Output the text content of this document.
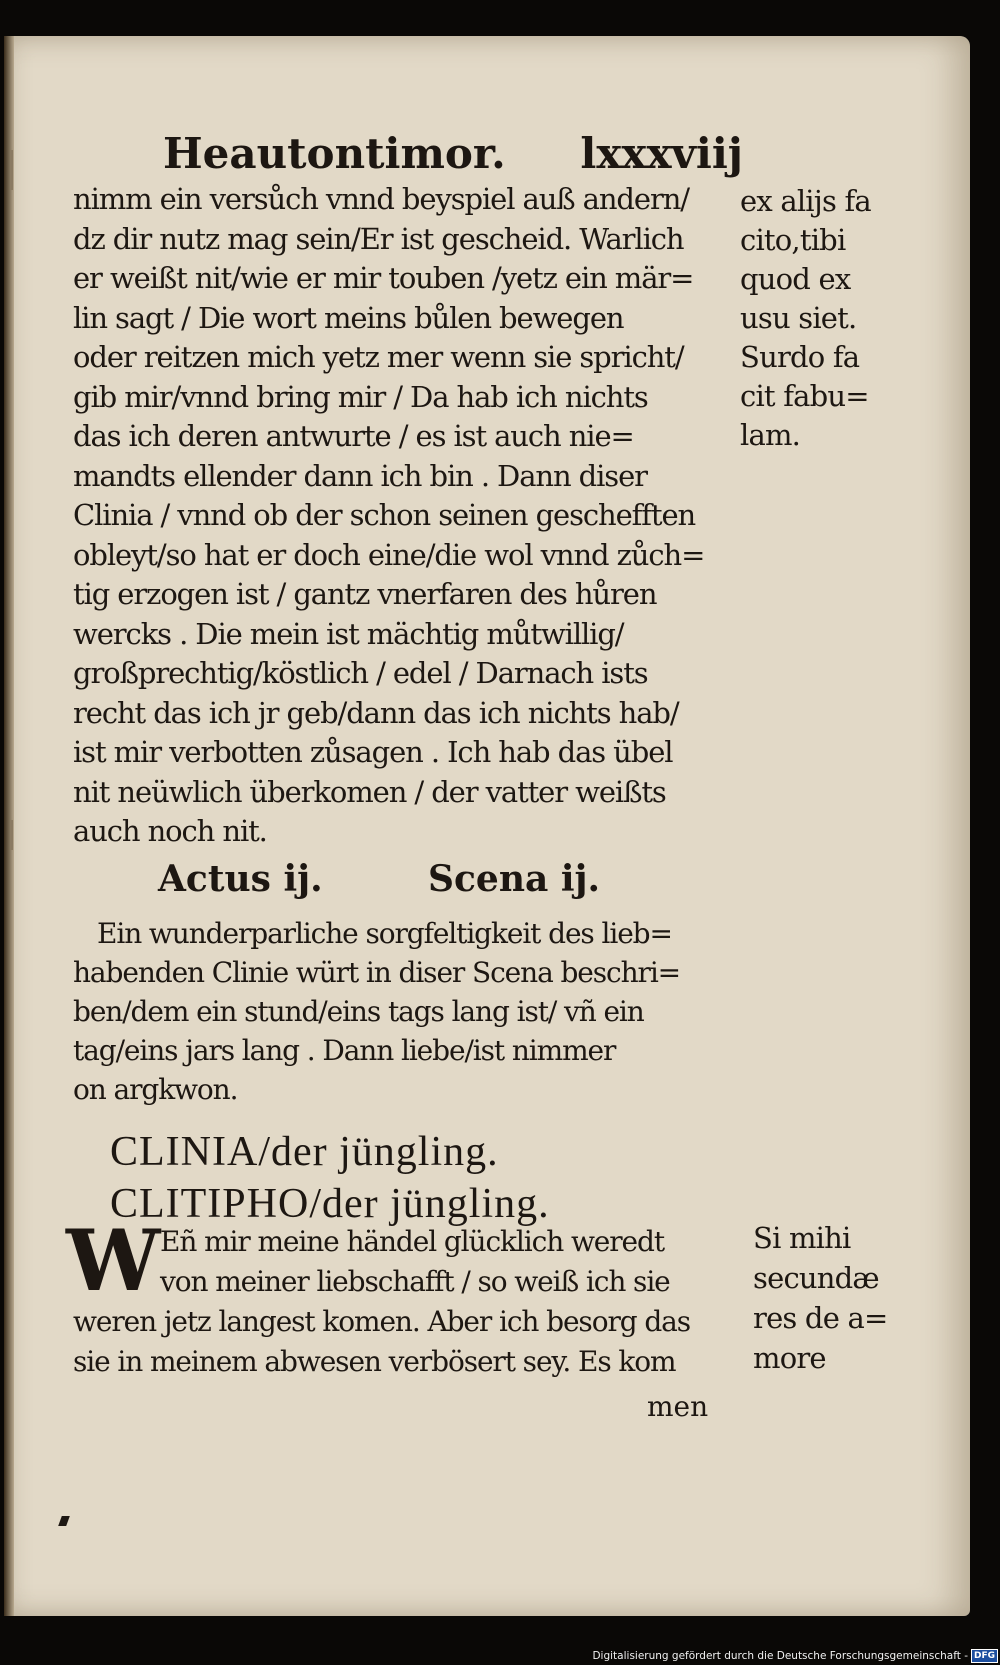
Heautontimor. lxxxviij
nimm ein versůch vnnd beyspiel auß andern/
dz dir nutz mag sein/Er ist gescheid. Warlich
er weißt nit/wie er mir touben /yetz ein mär=
lin sagt / Die wort meins bůlen bewegen
oder reitzen mich yetz mer wenn sie spricht/
gib mir/vnnd bring mir / Da hab ich nichts
das ich deren antwurte / es ist auch nie=
mandts ellender dann ich bin . Dann diser
Clinia / vnnd ob der schon seinen geschefften
obleyt/so hat er doch eine/die wol vnnd zůch=
tig erzogen ist / gantz vnerfaren des hůren
wercks . Die mein ist mächtig můtwillig/
großprechtig/köstlich / edel / Darnach ists
recht das ich jr geb/dann das ich nichts hab/
ist mir verbotten zůsagen . Ich hab das übel
nit neüwlich überkomen / der vatter weißts
auch noch nit.
ex alijs fa
cito,tibi
quod ex
usu siet.
Surdo fa
cit fabu=
lam.
Actus ij.	Scena ij.
Ein wunderparliche sorgfeltigkeit des lieb=
habenden Clinie würt in diser Scena beschri=
ben/dem ein stund/eins tags lang ist/ vñ ein
tag/eins jars lang . Dann liebe/ist nimmer
on argkwon.
CLINIA/der jüngling.
CLITIPHO/der jüngling.
W Eñ mir meine händel glücklich weredt
von meiner liebschafft / so weiß ich sie
weren jetz langest komen. Aber ich besorg das
sie in meinem abwesen verbösert sey. Es kom
Si mihi
secundæ
res de a=
more
men
Digitalisierung gefördert durch die Deutsche Forschungsgemeinschaft - DFG
